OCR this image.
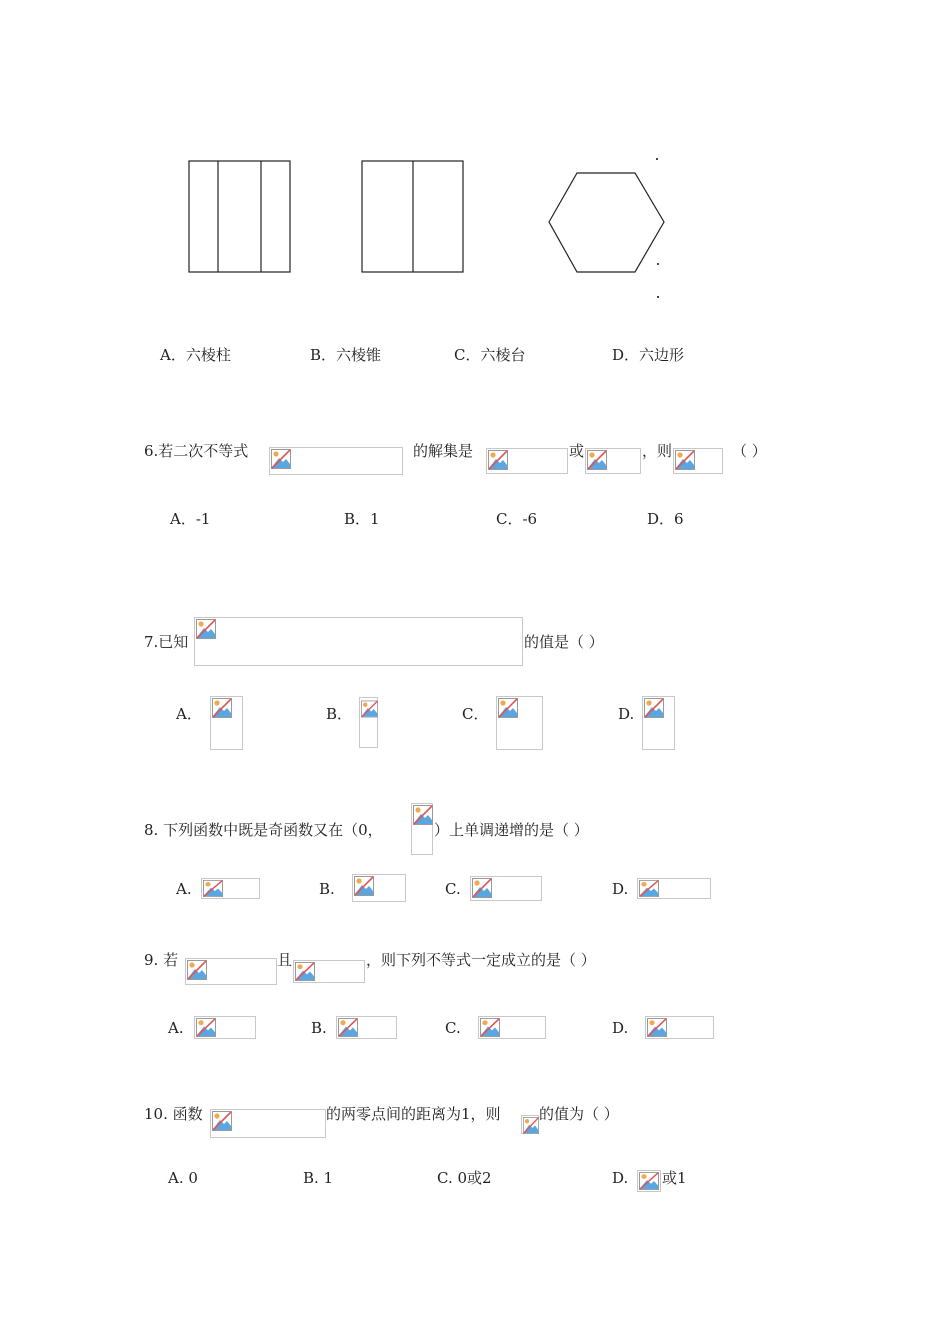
A．六棱柱	B．六棱锥	C．六棱台	D．六边形
6.若二次不等式	的解集是	或	，则	（ ）
A．-1	B．1	C．-6	D．6
7.已知	的值是（ ）
A．	B．	C．	D.
8. 下列函数中既是奇函数又在（0，	）上单调递增的是（ ）
A.	B.	C.	D.
9. 若	且	，则下列不等式一定成立的是（ ）
A.	B.	C.	D.
10. 函数	的两零点间的距离为1，则	的值为（ ）
A. 0	B. 1	C. 0或2	D. 或1
